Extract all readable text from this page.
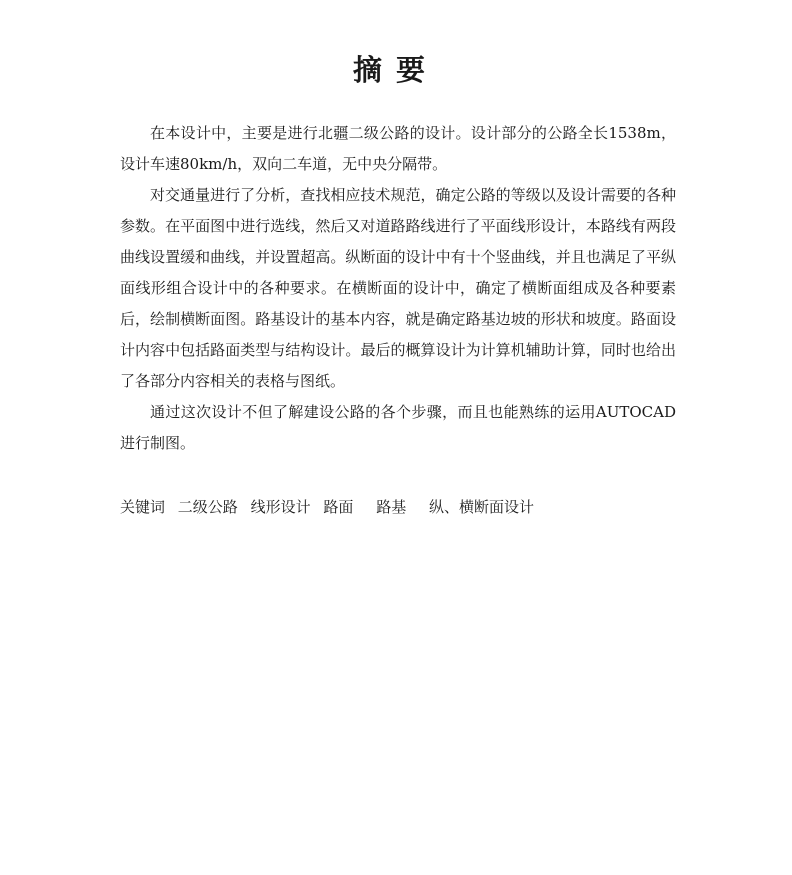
摘要

在本设计中，主要是进行北疆二级公路的设计。设计部分的公路全长1538m，设计车速80km/h，双向二车道，无中央分隔带。

对交通量进行了分析，查找相应技术规范，确定公路的等级以及设计需要的各种参数。在平面图中进行选线，然后又对道路路线进行了平面线形设计，本路线有两段曲线设置缓和曲线，并设置超高。纵断面的设计中有十个竖曲线，并且也满足了平纵面线形组合设计中的各种要求。在横断面的设计中，确定了横断面组成及各种要素后，绘制横断面图。路基设计的基本内容，就是确定路基边坡的形状和坡度。路面设计内容中包括路面类型与结构设计。最后的概算设计为计算机辅助计算，同时也给出了各部分内容相关的表格与图纸。

通过这次设计不但了解建设公路的各个步骤，而且也能熟练的运用AUTOCAD进行制图。

关键词 二级公路 线形设计 路面 路基 纵、横断面设计
